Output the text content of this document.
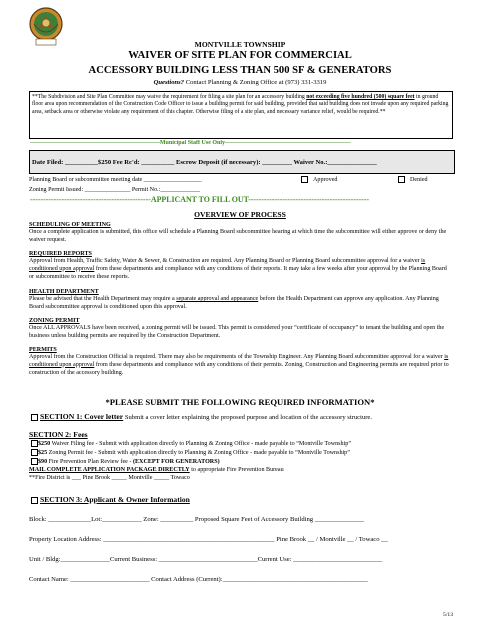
MONTVILLE TOWNSHIP
WAIVER OF SITE PLAN FOR COMMERCIAL
ACCESSORY BUILDING LESS THAN 500 SF & GENERATORS
Questions? Contact Planning & Zoning Office at (973) 331-3319
**The Subdivision and Site Plan Committee may waive the requirement for filing a site plan for an accessory building not exceeding five hundred (500) square feet in ground floor area upon recommendation of the Construction Code Officer to issue a building permit for said building, provided that said building does not invade upon any required parking area, setback area or otherwise violate any requirement of this chapter. Otherwise filing of a site plan, and necessary variance relief, would be required.**
-----------------------------------------------------------------Municipal Staff Use Only---------------------------------------------------------------
Date Filed: __________$250 Fee Rc'd: __________ Escrow Deposit (if necessary): _________ Waiver No.:_______________
Planning Board or subcommittee meeting date ___________________	Approved	Denied
Zoning Permit Issued: _______________ Permit No.:_____________
----------------------------------------------APPLICANT TO FILL OUT----------------------------------------------
OVERVIEW OF PROCESS
SCHEDULING OF MEETING
Once a complete application is submitted, this office will schedule a Planning Board subcommittee hearing at which time the subcommittee will either approve or deny the waiver request.
REQUIRED REPORTS
Approval from Health, Traffic Safety, Water & Sewer, & Construction are required. Any Planning Board or Planning Board subcommittee approval for a waiver is conditioned upon approval from these departments and compliance with any conditions of their reports. It may take a few weeks after your approval by the Planning Board or subcommittee to receive these reports.
HEALTH DEPARTMENT
Please be advised that the Health Department may require a separate approval and appearance before the Health Department can approve any application. Any Planning Board subcommittee approval is conditioned upon this approval.
ZONING PERMIT
Once ALL APPROVALS have been received, a zoning permit will be issued. This permit is considered your “certificate of occupancy” to tenant the building and open the business unless building permits are required by the Construction Department.
PERMITS
Approval from the Construction Official is required. There may also be requirements of the Township Engineer. Any Planning Board subcommittee approval for a waiver is conditioned upon approval from these departments and compliance with any conditions of their permits. Zoning, Construction and Engineering permits are required prior to construction of the accessory building.
*PLEASE SUBMIT THE FOLLOWING REQUIRED INFORMATION*
SECTION 1: Cover letter Submit a cover letter explaining the proposed purpose and location of the accessory structure.
SECTION 2: Fees
$250 Waiver Filing fee - Submit with application directly to Planning & Zoning Office - made payable to “Montville Township”
$25 Zoning Permit fee - Submit with application directly to Planning & Zoning Office - made payable to “Montville Township”
$90 Fire Prevention Plan Review fee - (EXCEPT FOR GENERATORS)
MAIL COMPLETE APPLICATION PACKAGE DIRECTLY to appropriate Fire Prevention Bureau
**Fire District is ___ Pine Brook _____ Montville _____ Towaco
SECTION 3: Applicant & Owner Information
Block: _____________Lot:____________ Zone: __________ Proposed Square Feet of Accessory Building _______________
Property Location Address: ____________________________________________________ Pine Brook __ / Montville __ / Towaco __
Unit / Bldg:_______________Current Business: ______________________________Current Use: ___________________________
Contact Name: ________________________ Contact Address (Current):____________________________________________
5/13
